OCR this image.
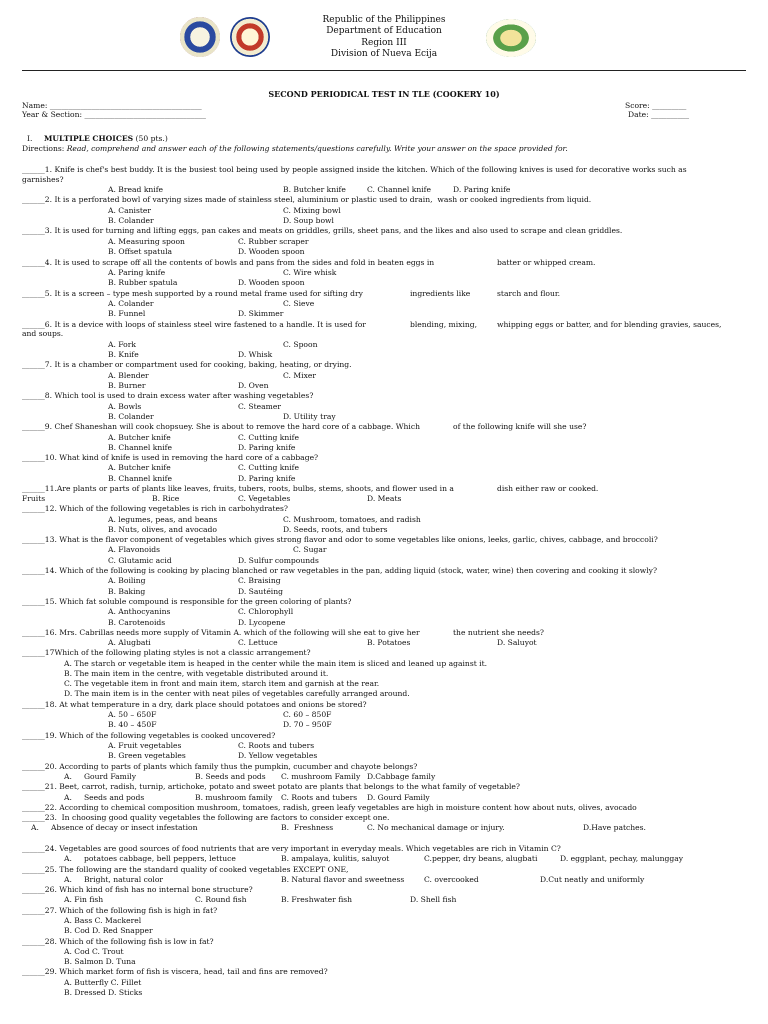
Republic of the Philippines
Department of Education
Region III
Division of Nueva Ecija
SECOND PERIODICAL TEST IN TLE (COOKERY 10)
Name: ________________________________________
Year & Section: ________________________________
Score: _________
Date: __________
I. MULTIPLE CHOICES (50 pts.)
Directions: Read, comprehend and answer each of the following statements/questions carefully. Write your answer on the space provided for.
______1. Knife is chef's best buddy. It is the busiest tool being used by people assigned inside the kitchen. Which of the following knives is used for decorative works such as
garnishes?
A. Bread knife	B. Butcher knife	C. Channel knife	D. Paring knife
______2. It is a perforated bowl of varying sizes made of stainless steel, aluminium or plastic used to drain,  wash or cooked ingredients from liquid.
A. Canister	C. Mixing bowl
B. Colander	D. Soup bowl
______3. It is used for turning and lifting eggs, pan cakes and meats on griddles, grills, sheet pans, and the likes and also used to scrape and clean griddles.
A. Measuring spoon	C. Rubber scraper
B. Offset spatula	D. Wooden spoon
______4. It is used to scrape off all the contents of bowls and pans from the sides and fold in beaten eggs in	batter or whipped cream.
A. Paring knife	C. Wire whisk
B. Rubber spatula	D. Wooden spoon
______5. It is a screen – type mesh supported by a round metal frame used for sifting dry	ingredients like	starch and flour.
A. Colander	C. Sieve
B. Funnel	D. Skimmer
______6. It is a device with loops of stainless steel wire fastened to a handle. It is used for	blending, mixing,	whipping eggs or batter, and for blending gravies, sauces,
and soups.
A. Fork	C. Spoon
B. Knife	D. Whisk
______7. It is a chamber or compartment used for cooking, baking, heating, or drying.
A. Blender	C. Mixer
B. Burner	D. Oven
______8. Which tool is used to drain excess water after washing vegetables?
A. Bowls	C. Steamer
B. Colander	D. Utility tray
______9. Chef Shaneshan will cook chopsuey. She is about to remove the hard core of a cabbage. Which	of the following knife will she use?
A. Butcher knife	C. Cutting knife
B. Channel knife	D. Paring knife
______10. What kind of knife is used in removing the hard core of a cabbage?
A. Butcher knife	C. Cutting knife
B. Channel knife	D. Paring knife
______11.Are plants or parts of plants like leaves, fruits, tubers, roots, bulbs, stems, shoots, and flower used in a	dish either raw or cooked.
Fruits	B. Rice	C. Vegetables	D. Meats
______12. Which of the following vegetables is rich in carbohydrates?
A. legumes, peas, and beans	C. Mushroom, tomatoes, and radish
B. Nuts, olives, and avocado	D. Seeds, roots, and tubers
______13. What is the flavor component of vegetables which gives strong flavor and odor to some vegetables like onions, leeks, garlic, chives, cabbage, and broccoli?
A. Flavonoids	C. Sugar
C. Glutamic acid	D. Sulfur compounds
______14. Which of the following is cooking by placing blanched or raw vegetables in the pan, adding liquid (stock, water, wine) then covering and cooking it slowly?
A. Boiling	C. Braising
B. Baking	D. Sautéing
______15. Which fat soluble compound is responsible for the green coloring of plants?
A. Anthocyanins	C. Chlorophyll
B. Carotenoids	D. Lycopene
______16. Mrs. Cabrillas needs more supply of Vitamin A. which of the following will she eat to give her	the nutrient she needs?
A. Alugbati	C. Lettuce	B. Potatoes	D. Saluyot
______17Which of the following plating styles is not a classic arrangement?
A. The starch or vegetable item is heaped in the center while the main item is sliced and leaned up against it.
B. The main item in the centre, with vegetable distributed around it.
C. The vegetable item in front and main item, starch item and garnish at the rear.
D. The main item is in the center with neat piles of vegetables carefully arranged around.
______18. At what temperature in a dry, dark place should potatoes and onions be stored?
A. 50 – 650F	C. 60 – 850F
B. 40 – 450F	D. 70 – 950F
______19. Which of the following vegetables is cooked uncovered?
A. Fruit vegetables	C. Roots and tubers
B. Green vegetables	D. Yellow vegetables
______20. According to parts of plants which family thus the pumpkin, cucumber and chayote belongs?
A.     Gourd Family	B. Seeds and pods C. mushroom Family D.Cabbage family
______21. Beet, carrot, radish, turnip, artichoke, potato and sweet potato are plants that belongs to the what family of vegetable?
A.     Seeds and pods	B. mushroom family C. Roots and tubers D. Gourd Family
______22. According to chemical composition mushroom, tomatoes, radish, green leafy vegetables are high in moisture content how about nuts, olives, avocado
______23.  In choosing good quality vegetables the following are factors to consider except one.
A.     Absence of decay or insect infestation	B.  Freshness	C. No mechanical damage or injury.	D.Have patches.
______24. Vegetables are good sources of food nutrients that are very important in everyday meals. Which vegetables are rich in Vitamin C?
A.     potatoes cabbage, bell peppers, lettuce	B. ampalaya, kulitis, saluyot	C.pepper, dry beans, alugbati	D. eggplant, pechay, malunggay
______25. The following are the standard quality of cooked vegetables EXCEPT ONE,
A.     Bright, natural color	B. Natural flavor and sweetness	C. overcooked	D.Cut neatly and uniformly
______26. Which kind of fish has no internal bone structure?
A. Fin fish	C. Round fish	B. Freshwater fish	D. Shell fish
______27. Which of the following fish is high in fat?
A. Bass C. Mackerel
B. Cod D. Red Snapper
______28. Which of the following fish is low in fat?
A. Cod C. Trout
B. Salmon D. Tuna
______29. Which market form of fish is viscera, head, tail and fins are removed?
A. Butterfly C. Fillet
B. Dressed D. Sticks
